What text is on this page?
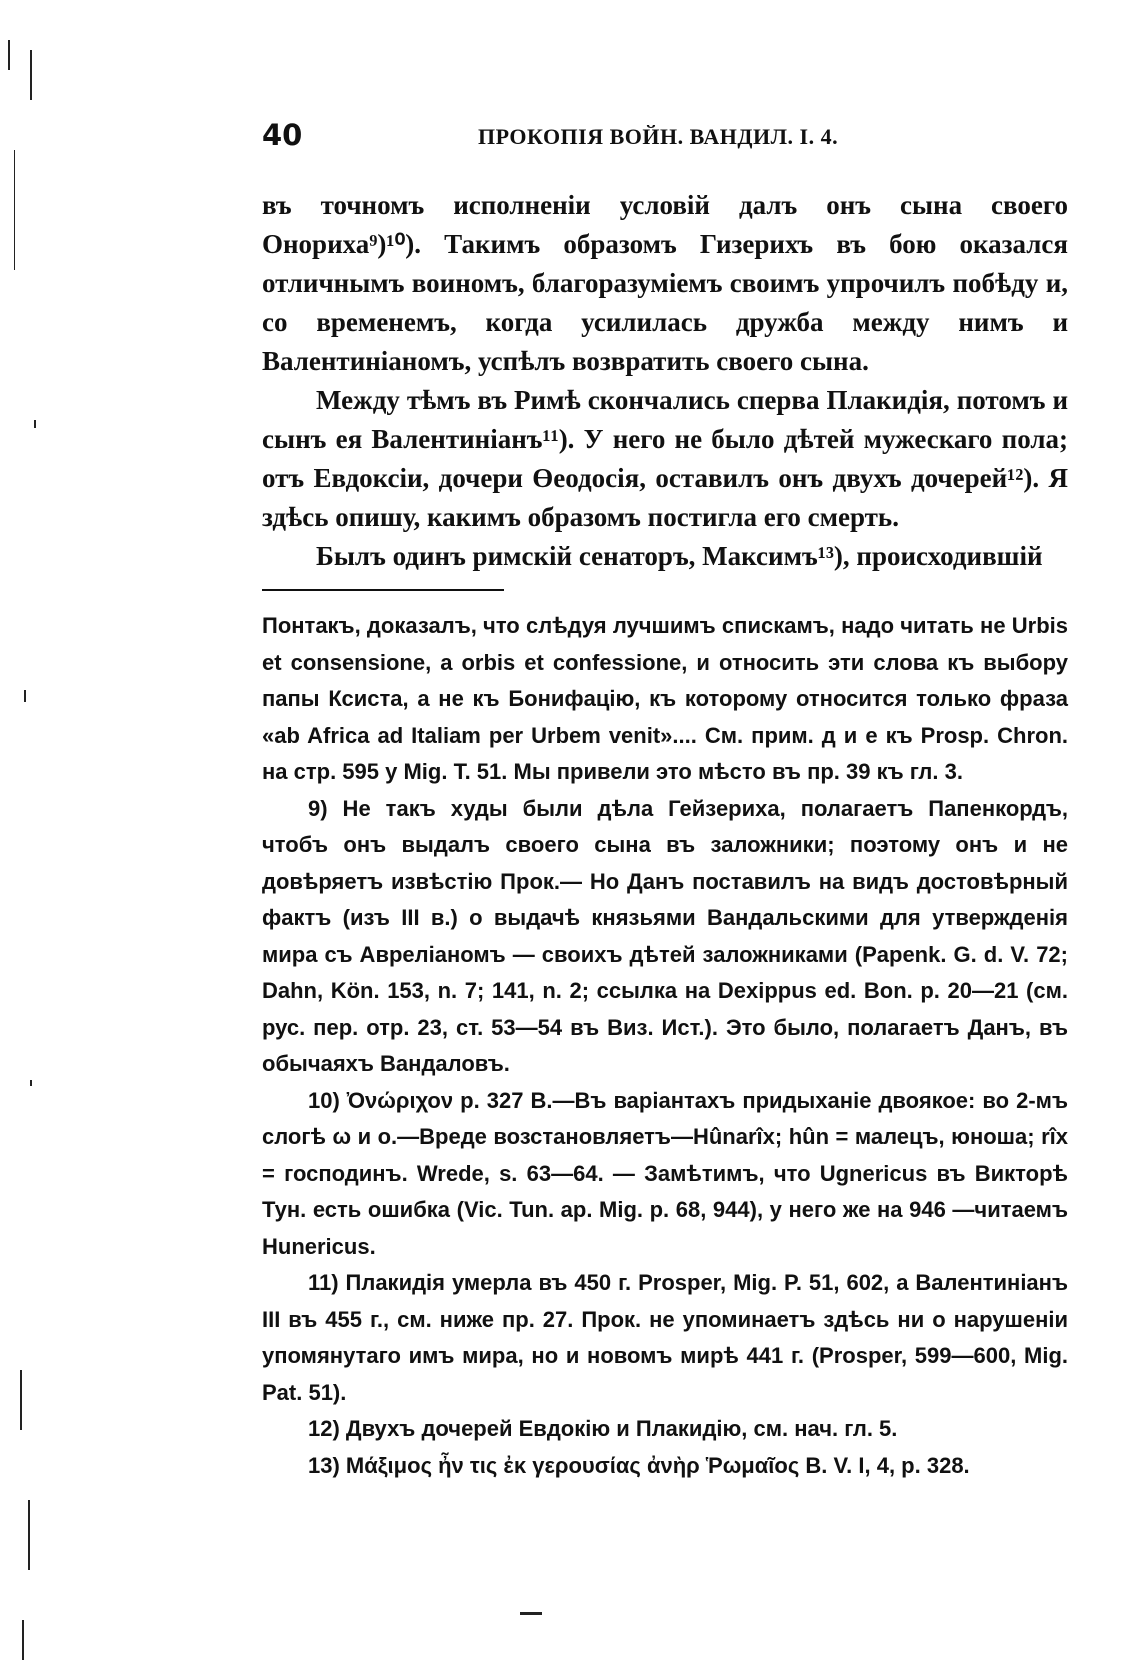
40	ПРОКОПІЯ ВОЙН. ВАНДИЛ. I. 4.

въ точномъ исполненіи условій далъ онъ сына своего Онориха⁹)¹⁰). Такимъ образомъ Гизерихъ въ бою оказался отличнымъ воиномъ, благоразуміемъ своимъ упрочилъ побѣду и, со временемъ, когда усилилась дружба между нимъ и Валентиніаномъ, успѣлъ возвратить своего сына.

Между тѣмъ въ Римѣ скончались сперва Плакидія, потомъ и сынъ ея Валентиніанъ¹¹). У него не было дѣтей мужескаго пола; отъ Евдоксіи, дочери Өеодосія, оставилъ онъ двухъ дочерей¹²). Я здѣсь опишу, какимъ образомъ постигла его смерть.

Былъ одинъ римскій сенаторъ, Максимъ¹³), происходившій

Понтакъ, доказалъ, что слѣдуя лучшимъ спискамъ, надо читать не Urbis et consensione, a orbis et confessione, и относить эти слова къ выбору папы Ксиста, а не къ Бонифацію, къ которому относится только фраза «ab Africa ad Italiam per Urbem venit».... См. прим. д и е къ Prosp. Chron. на стр. 595 у Mig. T. 51. Мы привели это мѣсто въ пр. 39 къ гл. 3.

9) Не такъ худы были дѣла Гейзериха, полагаетъ Папенкордъ, чтобъ онъ выдалъ своего сына въ заложники; поэтому онъ и не довѣряетъ извѣстію Прок.— Но Данъ поставилъ на видъ достовѣрный фактъ (изъ III в.) о выдачѣ князьями Вандальскими для утвержденія мира съ Авреліаномъ — своихъ дѣтей заложниками (Papenk. G. d. V. 72; Dahn, Kön. 153, n. 7; 141, n. 2; ссылка на Dexippus ed. Bon. p. 20—21 (см. рус. пер. отр. 23, ст. 53—54 въ Виз. Ист.). Это было, полагаетъ Данъ, въ обычаяхъ Вандаловъ.

10) Ὀνώριχον p. 327 B.—Въ варіантахъ придыханіе двоякое: во 2-мъ слогѣ ω и ο.—Вреде возстановляетъ—Hûnarîx; hûn = малецъ, юноша; rîx = господинъ. Wrede, s. 63—64. — Замѣтимъ, что Ugnericus въ Викторѣ Тун. есть ошибка (Vic. Tun. ap. Mig. p. 68, 944), у него же на 946 —читаемъ Hunericus.

11) Плакидія умерла въ 450 г. Prosper, Mig. P. 51, 602, а Валентиніанъ III въ 455 г., см. ниже пр. 27. Прок. не упоминаетъ здѣсь ни о нарушеніи упомянутаго имъ мира, но и новомъ мирѣ 441 г. (Prosper, 599—600, Mig. Pat. 51).

12) Двухъ дочерей Евдокію и Плакидію, см. нач. гл. 5.

13) Μάξιμος ἦν τις ἐκ γερουσίας ἀνὴρ Ῥωμαῖος B. V. I, 4, p. 328.
